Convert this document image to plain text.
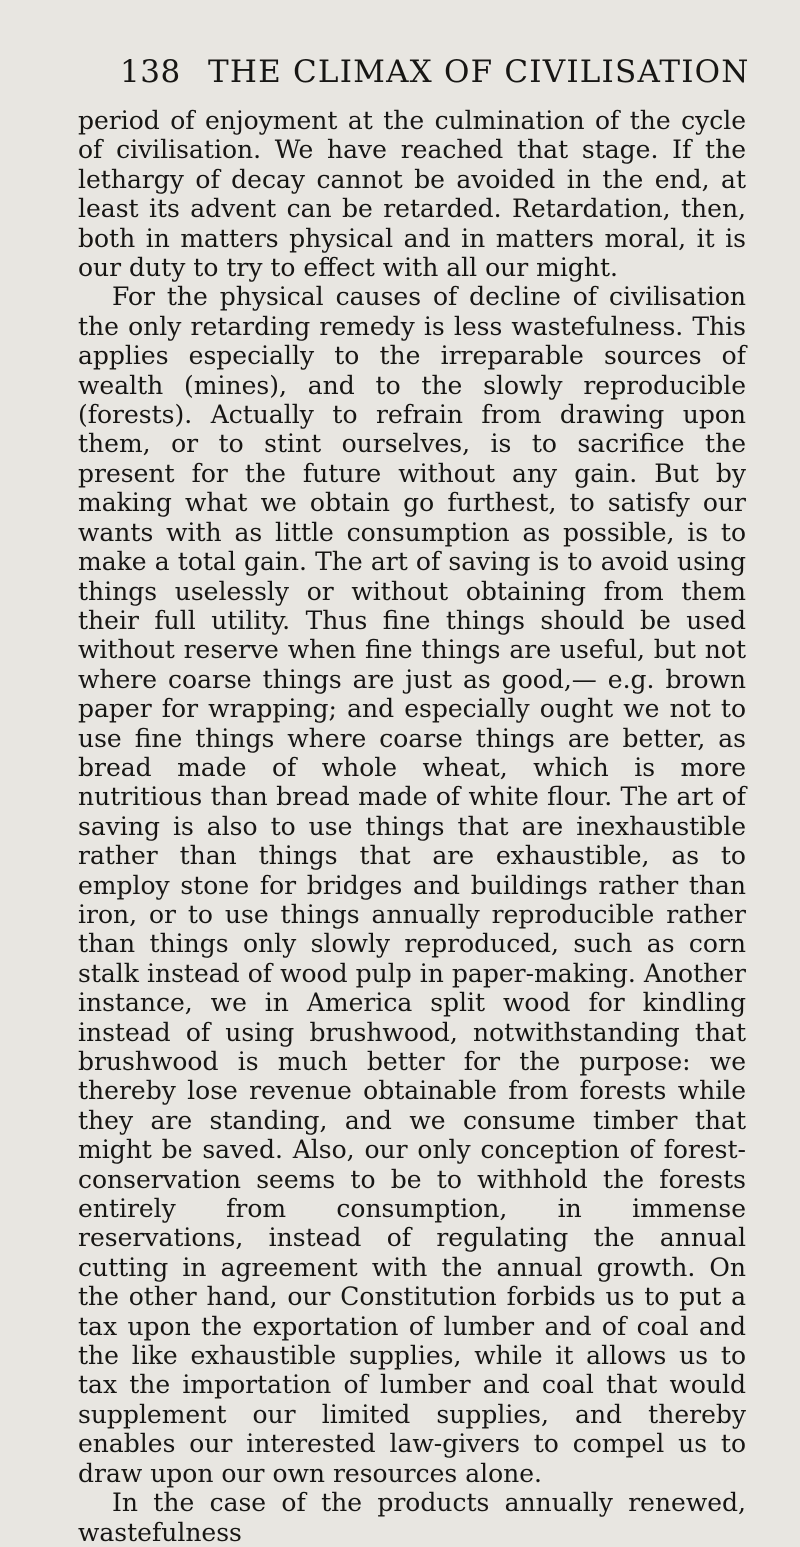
138 THE CLIMAX OF CIVILISATION

period of enjoyment at the culmination of the cycle of civilisation. We have reached that stage. If the lethargy of decay cannot be avoided in the end, at least its advent can be retarded. Retardation, then, both in matters physical and in matters moral, it is our duty to try to effect with all our might.

For the physical causes of decline of civilisation the only retarding remedy is less wastefulness. This applies especially to the irreparable sources of wealth (mines), and to the slowly reproducible (forests). Actually to refrain from drawing upon them, or to stint ourselves, is to sacrifice the present for the future without any gain. But by making what we obtain go furthest, to satisfy our wants with as little consumption as possible, is to make a total gain. The art of saving is to avoid using things uselessly or without obtaining from them their full utility. Thus fine things should be used without reserve when fine things are useful, but not where coarse things are just as good,— e.g. brown paper for wrapping; and especially ought we not to use fine things where coarse things are better, as bread made of whole wheat, which is more nutritious than bread made of white flour. The art of saving is also to use things that are inexhaustible rather than things that are exhaustible, as to employ stone for bridges and buildings rather than iron, or to use things annually reproducible rather than things only slowly reproduced, such as corn stalk instead of wood pulp in paper-making. Another instance, we in America split wood for kindling instead of using brushwood, notwithstanding that brushwood is much better for the purpose: we thereby lose revenue obtainable from forests while they are standing, and we consume timber that might be saved. Also, our only conception of forest-conservation seems to be to withhold the forests entirely from consumption, in immense reservations, instead of regulating the annual cutting in agreement with the annual growth. On the other hand, our Constitution forbids us to put a tax upon the exportation of lumber and of coal and the like exhaustible supplies, while it allows us to tax the importation of lumber and coal that would supplement our limited supplies, and thereby enables our interested law-givers to compel us to draw upon our own resources alone.

In the case of the products annually renewed, wastefulness
